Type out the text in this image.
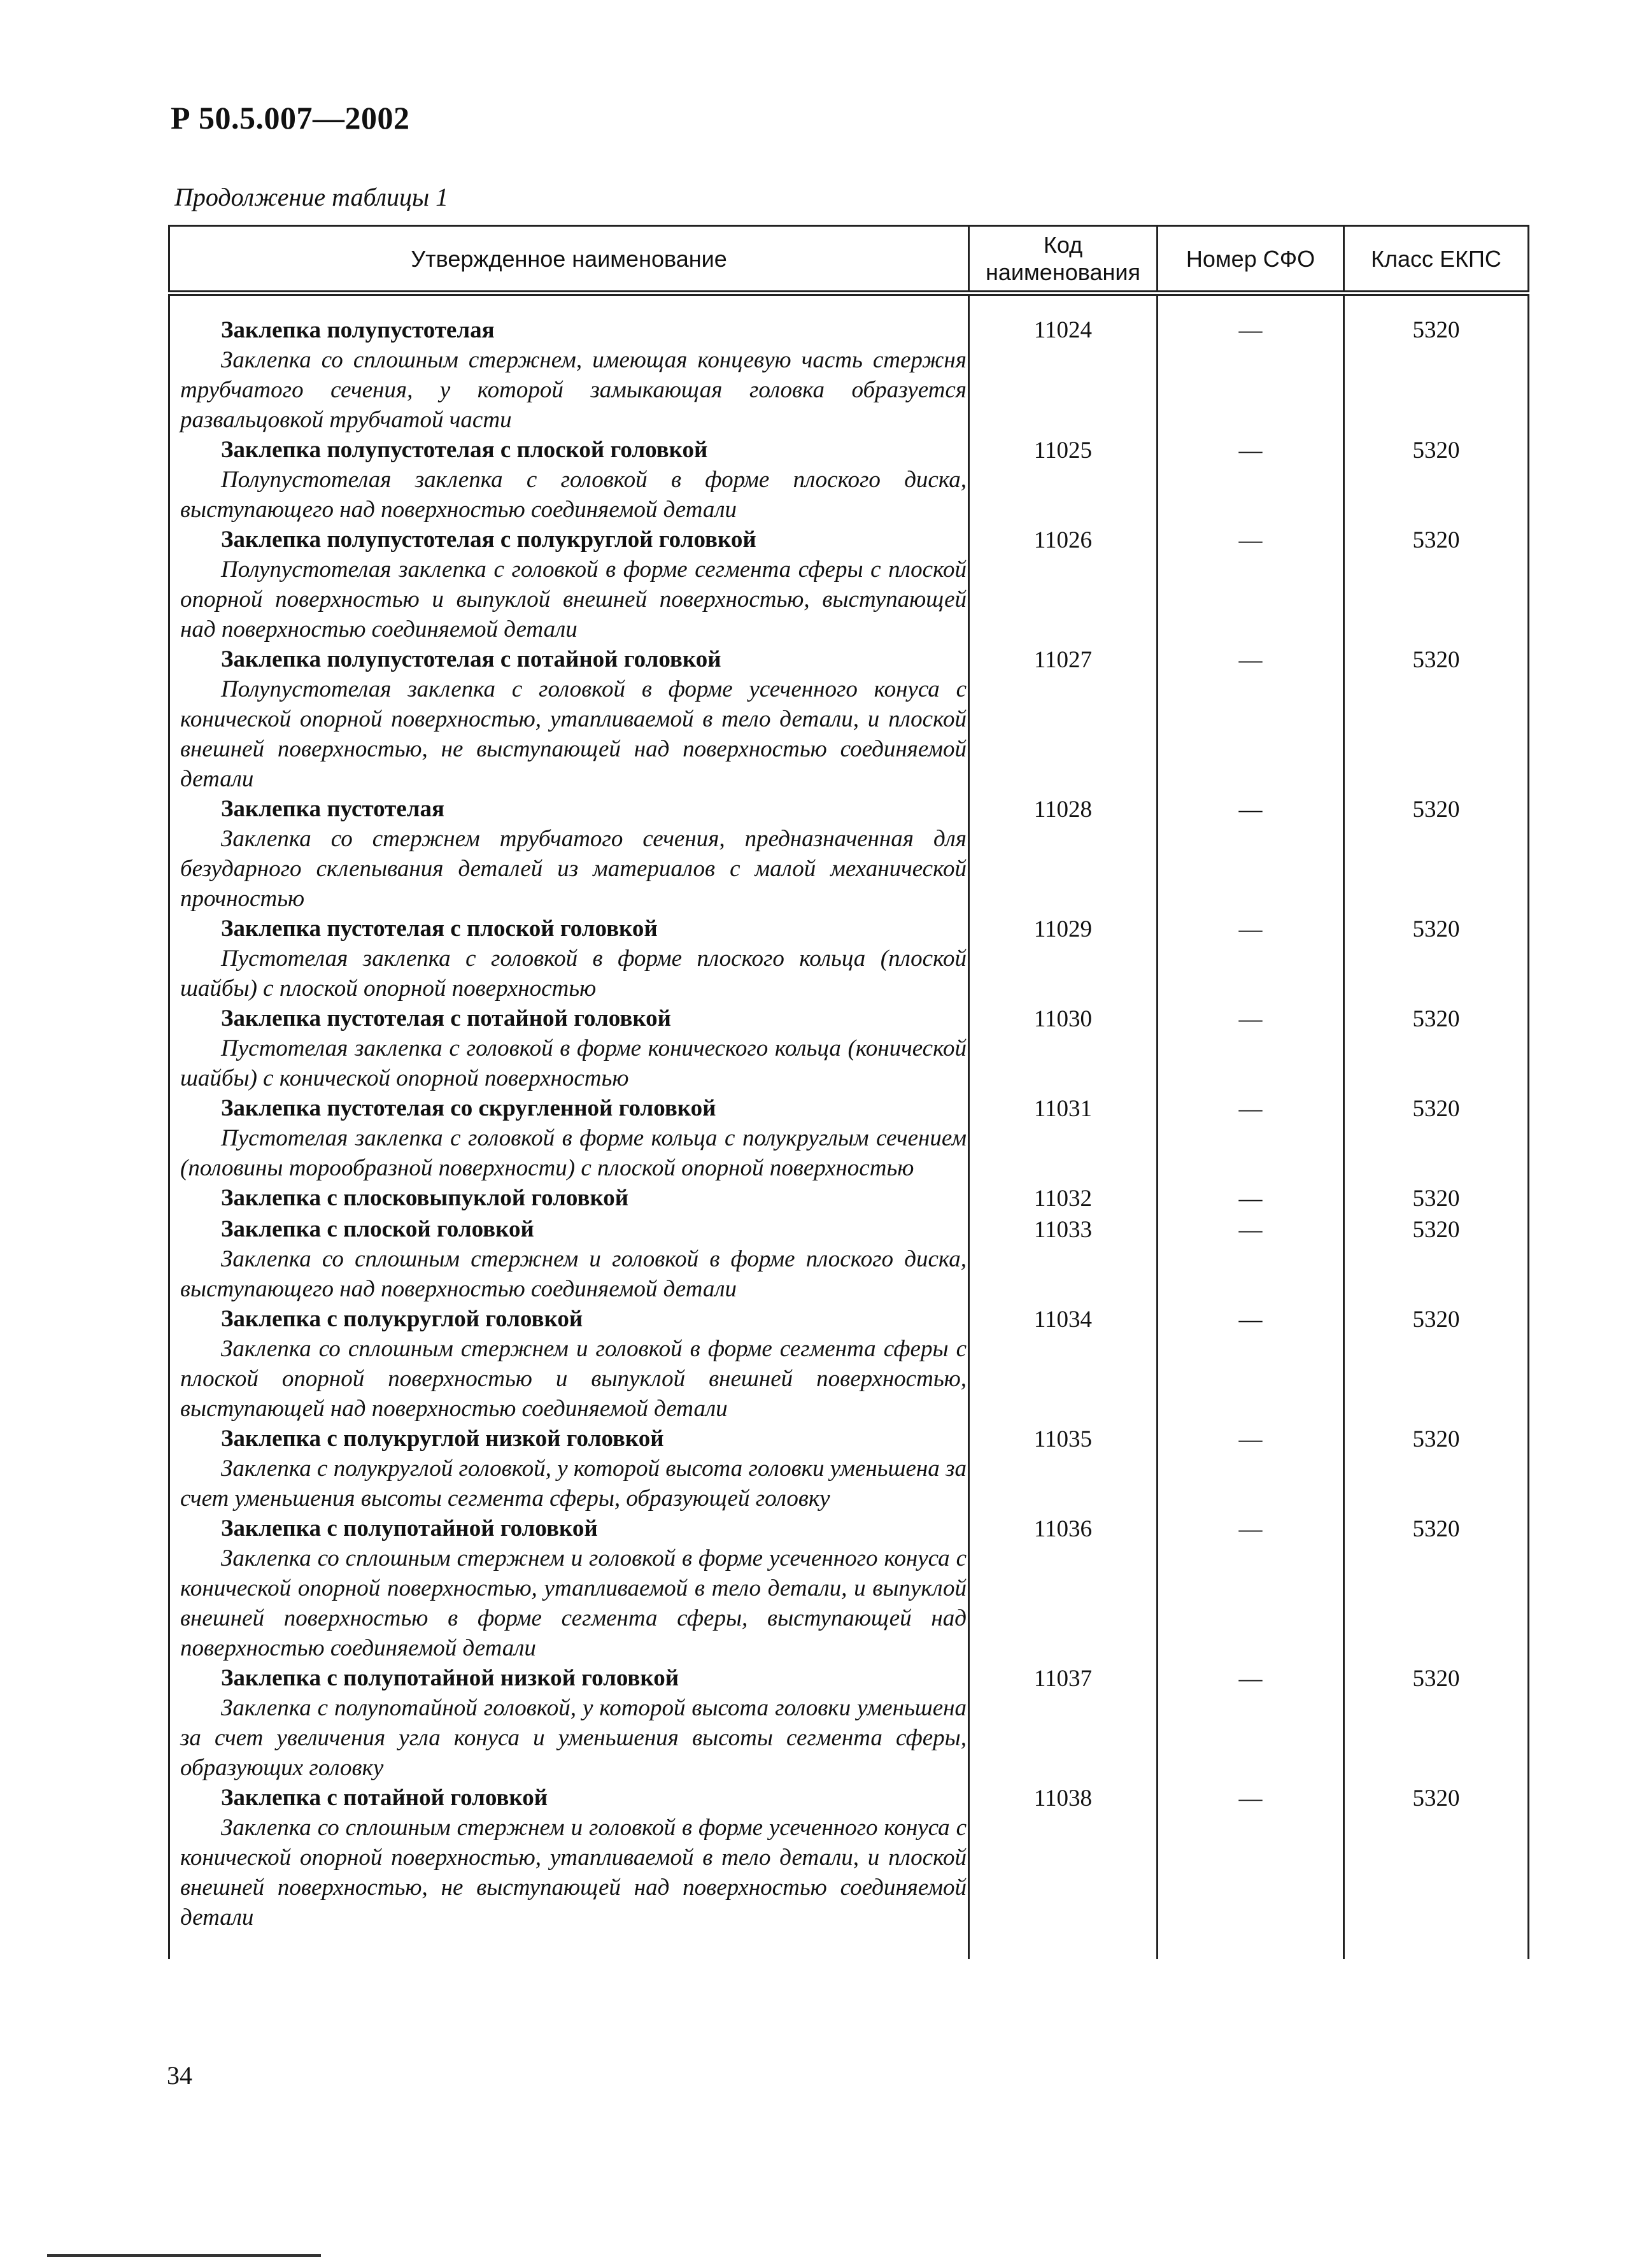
Р 50.5.007—2002
Продолжение таблицы 1
Утвержденное наименование	Код наименования	Номер СФО	Класс ЕКПС

Заклепка полупустотелая
Заклепка со сплошным стержнем, имеющая концевую часть стержня трубчатого сечения, у которой замыкающая головка образуется развальцовкой трубчатой части	11024	—	5320

Заклепка полупустотелая с плоской головкой
Полупустотелая заклепка с головкой в форме плоского диска, выступающего над поверхностью соединяемой детали	11025	—	5320

Заклепка полупустотелая с полукруглой головкой
Полупустотелая заклепка с головкой в форме сегмента сферы с плоской опорной поверхностью и выпуклой внешней поверхностью, выступающей над поверхностью соединяемой детали	11026	—	5320

Заклепка полупустотелая с потайной головкой
Полупустотелая заклепка с головкой в форме усеченного конуса с конической опорной поверхностью, утапливаемой в тело детали, и плоской внешней поверхностью, не выступающей над поверхностью соединяемой детали	11027	—	5320

Заклепка пустотелая
Заклепка со стержнем трубчатого сечения, предназначенная для безударного склепывания деталей из материалов с малой механической прочностью	11028	—	5320

Заклепка пустотелая с плоской головкой
Пустотелая заклепка с головкой в форме плоского кольца (плоской шайбы) с плоской опорной поверхностью	11029	—	5320

Заклепка пустотелая с потайной головкой
Пустотелая заклепка с головкой в форме конического кольца (конической шайбы) с конической опорной поверхностью	11030	—	5320

Заклепка пустотелая со скругленной головкой
Пустотелая заклепка с головкой в форме кольца с полукруглым сечением (половины торообразной поверхности) с плоской опорной поверхностью	11031	—	5320

Заклепка с плосковыпуклой головкой	11032	—	5320

Заклепка с плоской головкой
Заклепка со сплошным стержнем и головкой в форме плоского диска, выступающего над поверхностью соединяемой детали	11033	—	5320

Заклепка с полукруглой головкой
Заклепка со сплошным стержнем и головкой в форме сегмента сферы с плоской опорной поверхностью и выпуклой внешней поверхностью, выступающей над поверхностью соединяемой детали	11034	—	5320

Заклепка с полукруглой низкой головкой
Заклепка с полукруглой головкой, у которой высота головки уменьшена за счет уменьшения высоты сегмента сферы, образующей головку	11035	—	5320

Заклепка с полупотайной головкой
Заклепка со сплошным стержнем и головкой в форме усеченного конуса с конической опорной поверхностью, утапливаемой в тело детали, и выпуклой внешней поверхностью в форме сегмента сферы, выступающей над поверхностью соединяемой детали	11036	—	5320

Заклепка с полупотайной низкой головкой
Заклепка с полупотайной головкой, у которой высота головки уменьшена за счет увеличения угла конуса и уменьшения высоты сегмента сферы, образующих головку	11037	—	5320

Заклепка с потайной головкой
Заклепка со сплошным стержнем и головкой в форме усеченного конуса с конической опорной поверхностью, утапливаемой в тело детали, и плоской внешней поверхностью, не выступающей над поверхностью соединяемой детали	11038	—	5320

34
